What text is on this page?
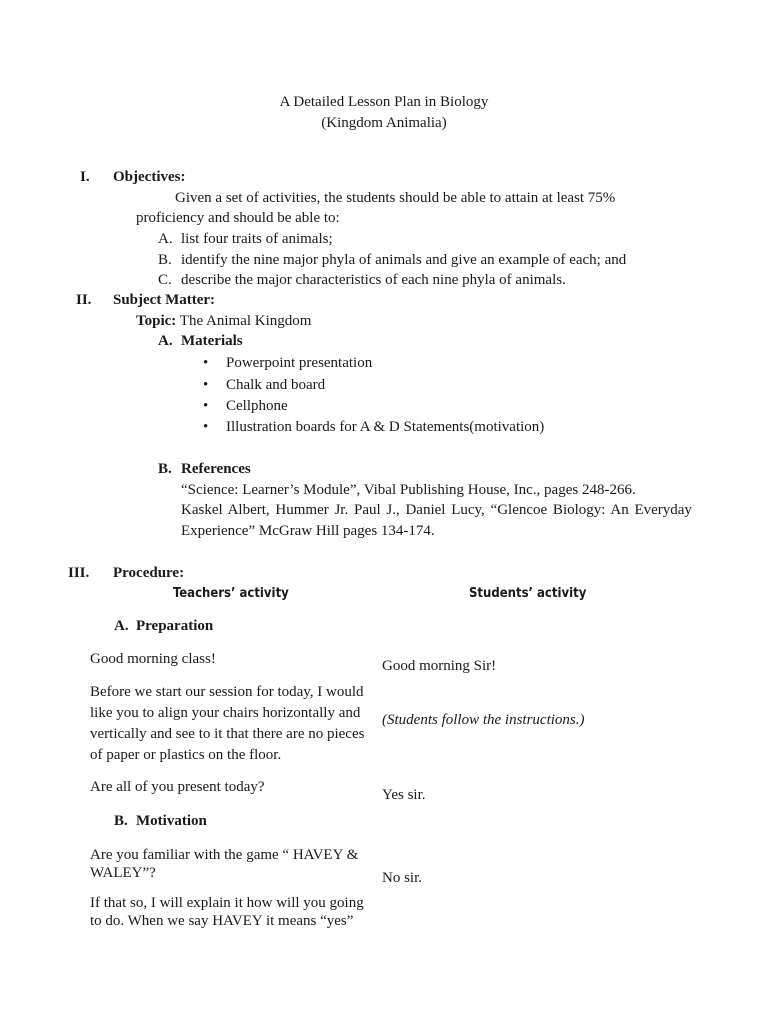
A Detailed Lesson Plan in Biology
(Kingdom Animalia)
I. Objectives:
Given a set of activities, the students should be able to attain at least 75%
proficiency and should be able to:
A. list four traits of animals;
B. identify the nine major phyla of animals and give an example of each; and
C. describe the major characteristics of each nine phyla of animals.
II. Subject Matter:
Topic: The Animal Kingdom
A. Materials
• Powerpoint presentation
• Chalk and board
• Cellphone
• Illustration boards for A & D Statements(motivation)
B. References
“Science: Learner’s Module”, Vibal Publishing House, Inc., pages 248-266.
Kaskel Albert, Hummer Jr. Paul J., Daniel Lucy, “Glencoe Biology: An Everyday
Experience” McGraw Hill pages 134-174.
III. Procedure:
Teachers’ activity	Students’ activity
A. Preparation
Good morning class!
Before we start our session for today, I would
like you to align your chairs horizontally and
vertically and see to it that there are no pieces
of paper or plastics on the floor.
Are all of you present today?
B. Motivation
Are you familiar with the game “ HAVEY &
WALEY”?
If that so, I will explain it how will you going
to do. When we say HAVEY it means “yes”
Good morning Sir!
(Students follow the instructions.)
Yes sir.
No sir.
